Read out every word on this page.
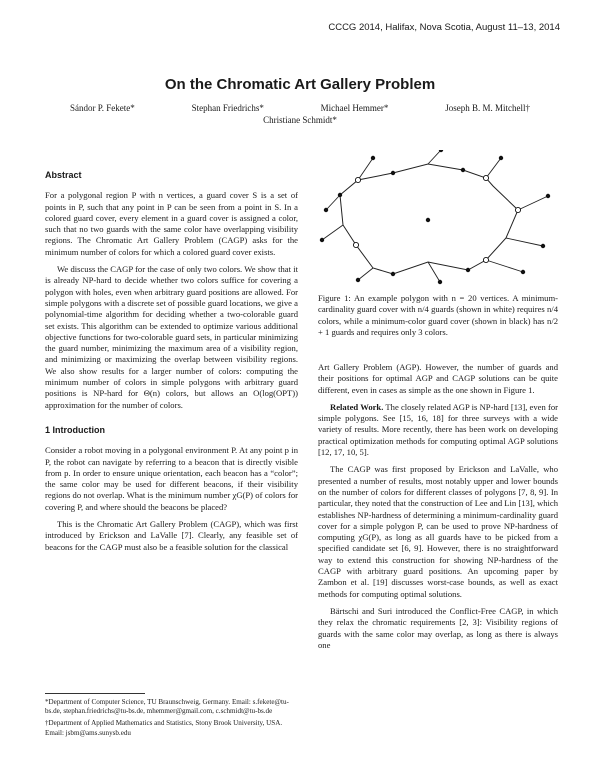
CCCG 2014, Halifax, Nova Scotia, August 11–13, 2014
On the Chromatic Art Gallery Problem
Sándor P. Fekete*	Stephan Friedrichs*	Michael Hemmer*	Joseph B. M. Mitchell†
Christiane Schmidt*
Abstract

For a polygonal region P with n vertices, a guard cover S is a set of points in P, such that any point in P can be seen from a point in S. In a colored guard cover, every element in a guard cover is assigned a color, such that no two guards with the same color have overlapping visibility regions. The Chromatic Art Gallery Problem (CAGP) asks for the minimum number of colors for which a colored guard cover exists.

We discuss the CAGP for the case of only two colors. We show that it is already NP-hard to decide whether two colors suffice for covering a polygon with holes, even when arbitrary guard positions are allowed. For simple polygons with a discrete set of possible guard locations, we give a polynomial-time algorithm for deciding whether a two-colorable guard set exists. This algorithm can be extended to optimize various additional objective functions for two-colorable guard sets, in particular minimizing the guard number, minimizing the maximum area of a visibility region, and minimizing or maximizing the overlap between visibility regions. We also show results for a larger number of colors: computing the minimum number of colors in simple polygons with arbitrary guard positions is NP-hard for Θ(n) colors, but allows an O(log(OPT)) approximation for the number of colors.

1 Introduction

Consider a robot moving in a polygonal environment P. At any point p in P, the robot can navigate by referring to a beacon that is directly visible from p. In order to ensure unique orientation, each beacon has a “color”; the same color may be used for different beacons, if their visibility regions do not overlap. What is the minimum number χG(P) of colors for covering P, and where should the beacons be placed?

This is the Chromatic Art Gallery Problem (CAGP), which was first introduced by Erickson and LaValle [7]. Clearly, any feasible set of beacons for the CAGP must also be a feasible solution for the classical

*Department of Computer Science, TU Braunschweig, Germany. Email: s.fekete@tu-bs.de, stephan.friedrichs@tu-bs.de, mhemmer@gmail.com, c.schmidt@tu-bs.de

†Department of Applied Mathematics and Statistics, Stony Brook University, USA. Email: jsbm@ams.sunysb.edu

Figure 1: An example polygon with n = 20 vertices. A minimum-cardinality guard cover with n/4 guards (shown in white) requires n/4 colors, while a minimum-color guard cover (shown in black) has n/2 + 1 guards and requires only 3 colors.

Art Gallery Problem (AGP). However, the number of guards and their positions for optimal AGP and CAGP solutions can be quite different, even in cases as simple as the one shown in Figure 1.

Related Work. The closely related AGP is NP-hard [13], even for simple polygons. See [15, 16, 18] for three surveys with a wide variety of results. More recently, there has been work on developing practical optimization methods for computing optimal AGP solutions [12, 17, 10, 5].

The CAGP was first proposed by Erickson and LaValle, who presented a number of results, most notably upper and lower bounds on the number of colors for different classes of polygons [7, 8, 9]. In particular, they noted that the construction of Lee and Lin [13], which establishes NP-hardness of determining a minimum-cardinality guard cover for a simple polygon P, can be used to prove NP-hardness of computing χG(P), as long as all guards have to be picked from a specified candidate set [6, 9]. However, there is no straightforward way to extend this construction for showing NP-hardness of the CAGP with arbitrary guard positions. An upcoming paper by Zambon et al. [19] discusses worst-case bounds, as well as exact methods for computing optimal solutions.

Bärtschi and Suri introduced the Conflict-Free CAGP, in which they relax the chromatic requirements [2, 3]: Visibility regions of guards with the same color may overlap, as long as there is always one
